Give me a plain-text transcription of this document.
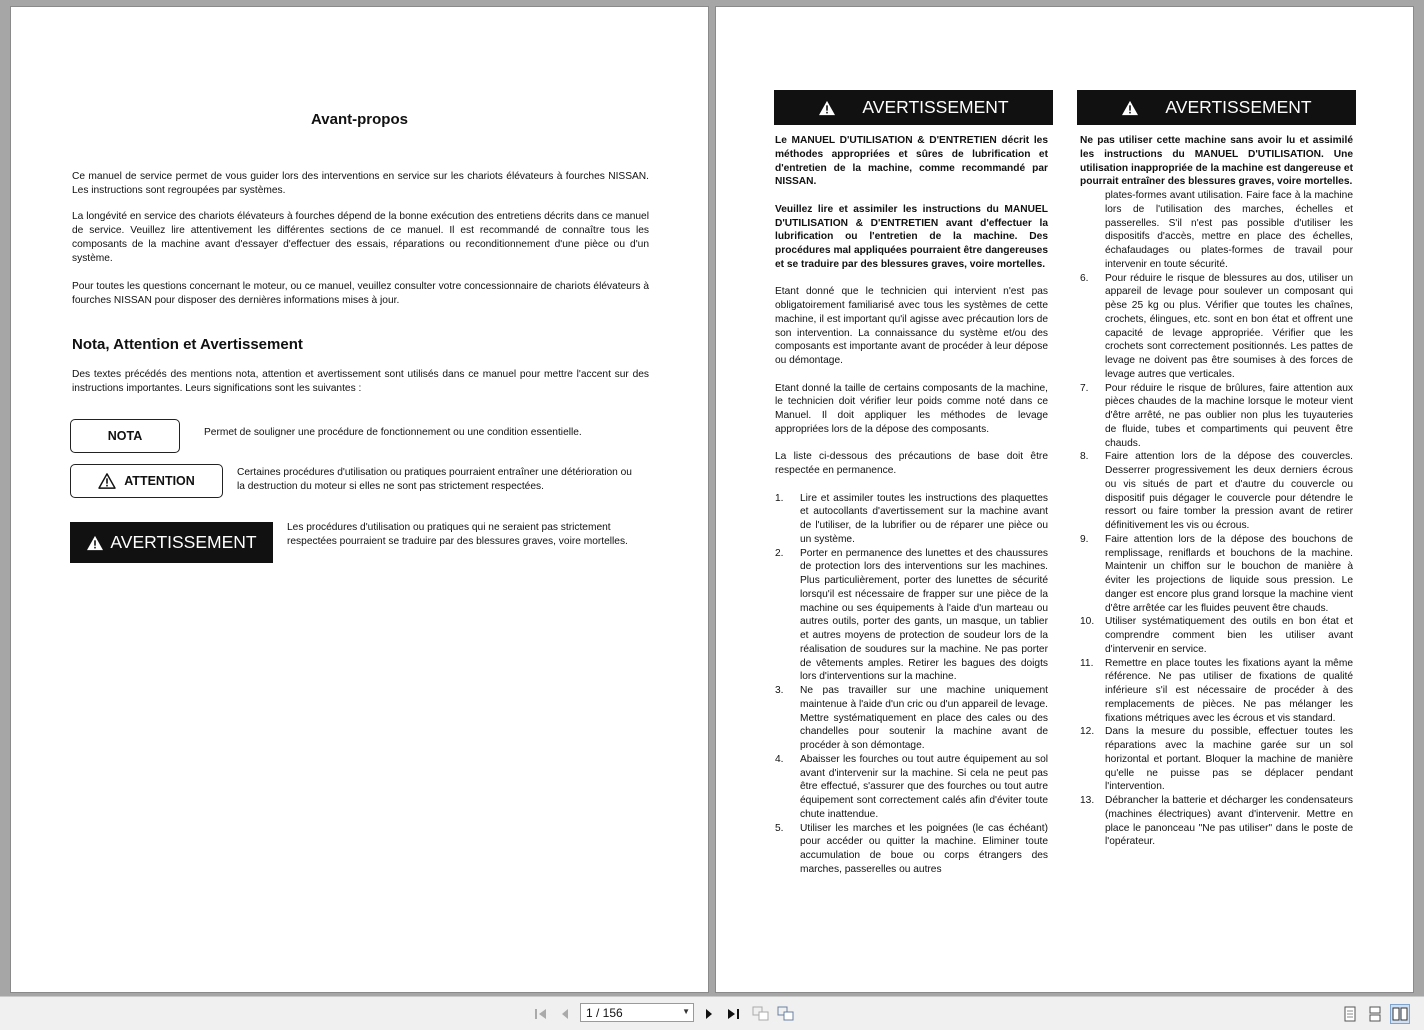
Avant-propos
Ce manuel de service permet de vous guider lors des interventions en service sur les chariots élévateurs à fourches NISSAN. Les instructions sont regroupées par systèmes.
La longévité en service des chariots élévateurs à fourches dépend de la bonne exécution des entretiens décrits dans ce manuel de service. Veuillez lire attentivement les différentes sections de ce manuel. Il est recommandé de connaître tous les composants de la machine avant d'essayer d'effectuer des essais, réparations ou reconditionnement d'une pièce ou d'un système.
Pour toutes les questions concernant le moteur, ou ce manuel, veuillez consulter votre concessionnaire de chariots élévateurs à fourches NISSAN pour disposer des dernières informations mises à jour.
Nota, Attention et Avertissement
Des textes précédés des mentions nota, attention et avertissement sont utilisés dans ce manuel pour mettre l'accent sur des instructions importantes. Leurs significations sont les suivantes :
NOTA	Permet de souligner une procédure de fonctionnement ou une condition essentielle.
ATTENTION
Certaines procédures d'utilisation ou pratiques pourraient entraîner une détérioration ou la destruction du moteur si elles ne sont pas strictement respectées.
AVERTISSEMENT
Les procédures d'utilisation ou pratiques qui ne seraient pas strictement respectées pourraient se traduire par des blessures graves, voire mortelles.
AVERTISSEMENT	AVERTISSEMENT

Le MANUEL D'UTILISATION & D'ENTRETIEN décrit les méthodes appropriées et sûres de lubrification et d'entretien de la machine, comme recommandé par NISSAN.

Veuillez lire et assimiler les instructions du MANUEL D'UTILISATION & D'ENTRETIEN avant d'effectuer la lubrification ou l'entretien de la machine. Des procédures mal appliquées pourraient être dangereuses et se traduire par des blessures graves, voire mortelles.

Etant donné que le technicien qui intervient n'est pas obligatoirement familiarisé avec tous les systèmes de cette machine, il est important qu'il agisse avec précaution lors de son intervention. La connaissance du système et/ou des composants est importante avant de procéder à leur dépose ou démontage.

Etant donné la taille de certains composants de la machine, le technicien doit vérifier leur poids comme noté dans ce Manuel. Il doit appliquer les méthodes de levage appropriées lors de la dépose des composants.

La liste ci-dessous des précautions de base doit être respectée en permanence.

1.	Lire et assimiler toutes les instructions des plaquettes et autocollants d'avertissement sur la machine avant de l'utiliser, de la lubrifier ou de réparer une pièce ou un système.
2.	Porter en permanence des lunettes et des chaussures de protection lors des interventions sur les machines. Plus particulièrement, porter des lunettes de sécurité lorsqu'il est nécessaire de frapper sur une pièce de la machine ou ses équipements à l'aide d'un marteau ou autres outils, porter des gants, un masque, un tablier et autres moyens de protection de soudeur lors de la réalisation de soudures sur la machine. Ne pas porter de vêtements amples. Retirer les bagues des doigts lors d'interventions sur la machine.
3.	Ne pas travailler sur une machine uniquement maintenue à l'aide d'un cric ou d'un appareil de levage. Mettre systématiquement en place des cales ou des chandelles pour soutenir la machine avant de procéder à son démontage.
4.	Abaisser les fourches ou tout autre équipement au sol avant d'intervenir sur la machine. Si cela ne peut pas être effectué, s'assurer que des fourches ou tout autre équipement sont correctement calés afin d'éviter toute chute inattendue.
5.	Utiliser les marches et les poignées (le cas échéant) pour accéder ou quitter la machine. Eliminer toute accumulation de boue ou corps étrangers des marches, passerelles ou autres

Ne pas utiliser cette machine sans avoir lu et assimilé les instructions du MANUEL D'UTILISATION. Une utilisation inappropriée de la machine est dangereuse et pourrait entraîner des blessures graves, voire mortelles.

plates-formes avant utilisation. Faire face à la machine lors de l'utilisation des marches, échelles et passerelles. S'il n'est pas possible d'utiliser les dispositifs d'accès, mettre en place des échelles, échafaudages ou plates-formes de travail pour intervenir en toute sécurité.

6.	Pour réduire le risque de blessures au dos, utiliser un appareil de levage pour soulever un composant qui pèse 25 kg ou plus. Vérifier que toutes les chaînes, crochets, élingues, etc. sont en bon état et offrent une capacité de levage appropriée. Vérifier que les crochets sont correctement positionnés. Les pattes de levage ne doivent pas être soumises à des forces de levage autres que verticales.
7.	Pour réduire le risque de brûlures, faire attention aux pièces chaudes de la machine lorsque le moteur vient d'être arrêté, ne pas oublier non plus les tuyauteries de fluide, tubes et compartiments qui peuvent être chauds.
8.	Faire attention lors de la dépose des couvercles. Desserrer progressivement les deux derniers écrous ou vis situés de part et d'autre du couvercle ou dispositif puis dégager le couvercle pour détendre le ressort ou faire tomber la pression avant de retirer définitivement les vis ou écrous.
9.	Faire attention lors de la dépose des bouchons de remplissage, reniflards et bouchons de la machine. Maintenir un chiffon sur le bouchon de manière à éviter les projections de liquide sous pression. Le danger est encore plus grand lorsque la machine vient d'être arrêtée car les fluides peuvent être chauds.
10.	Utiliser systématiquement des outils en bon état et comprendre comment bien les utiliser avant d'intervenir en service.
11.	Remettre en place toutes les fixations ayant la même référence. Ne pas utiliser de fixations de qualité inférieure s'il est nécessaire de procéder à des remplacements de pièces. Ne pas mélanger les fixations métriques avec les écrous et vis standard.
12.	Dans la mesure du possible, effectuer toutes les réparations avec la machine garée sur un sol horizontal et portant. Bloquer la machine de manière qu'elle ne puisse pas se déplacer pendant l'intervention.
13.	Débrancher la batterie et décharger les condensateurs (machines électriques) avant d'intervenir. Mettre en place le panonceau "Ne pas utiliser" dans le poste de l'opérateur.
1 / 156	▼
